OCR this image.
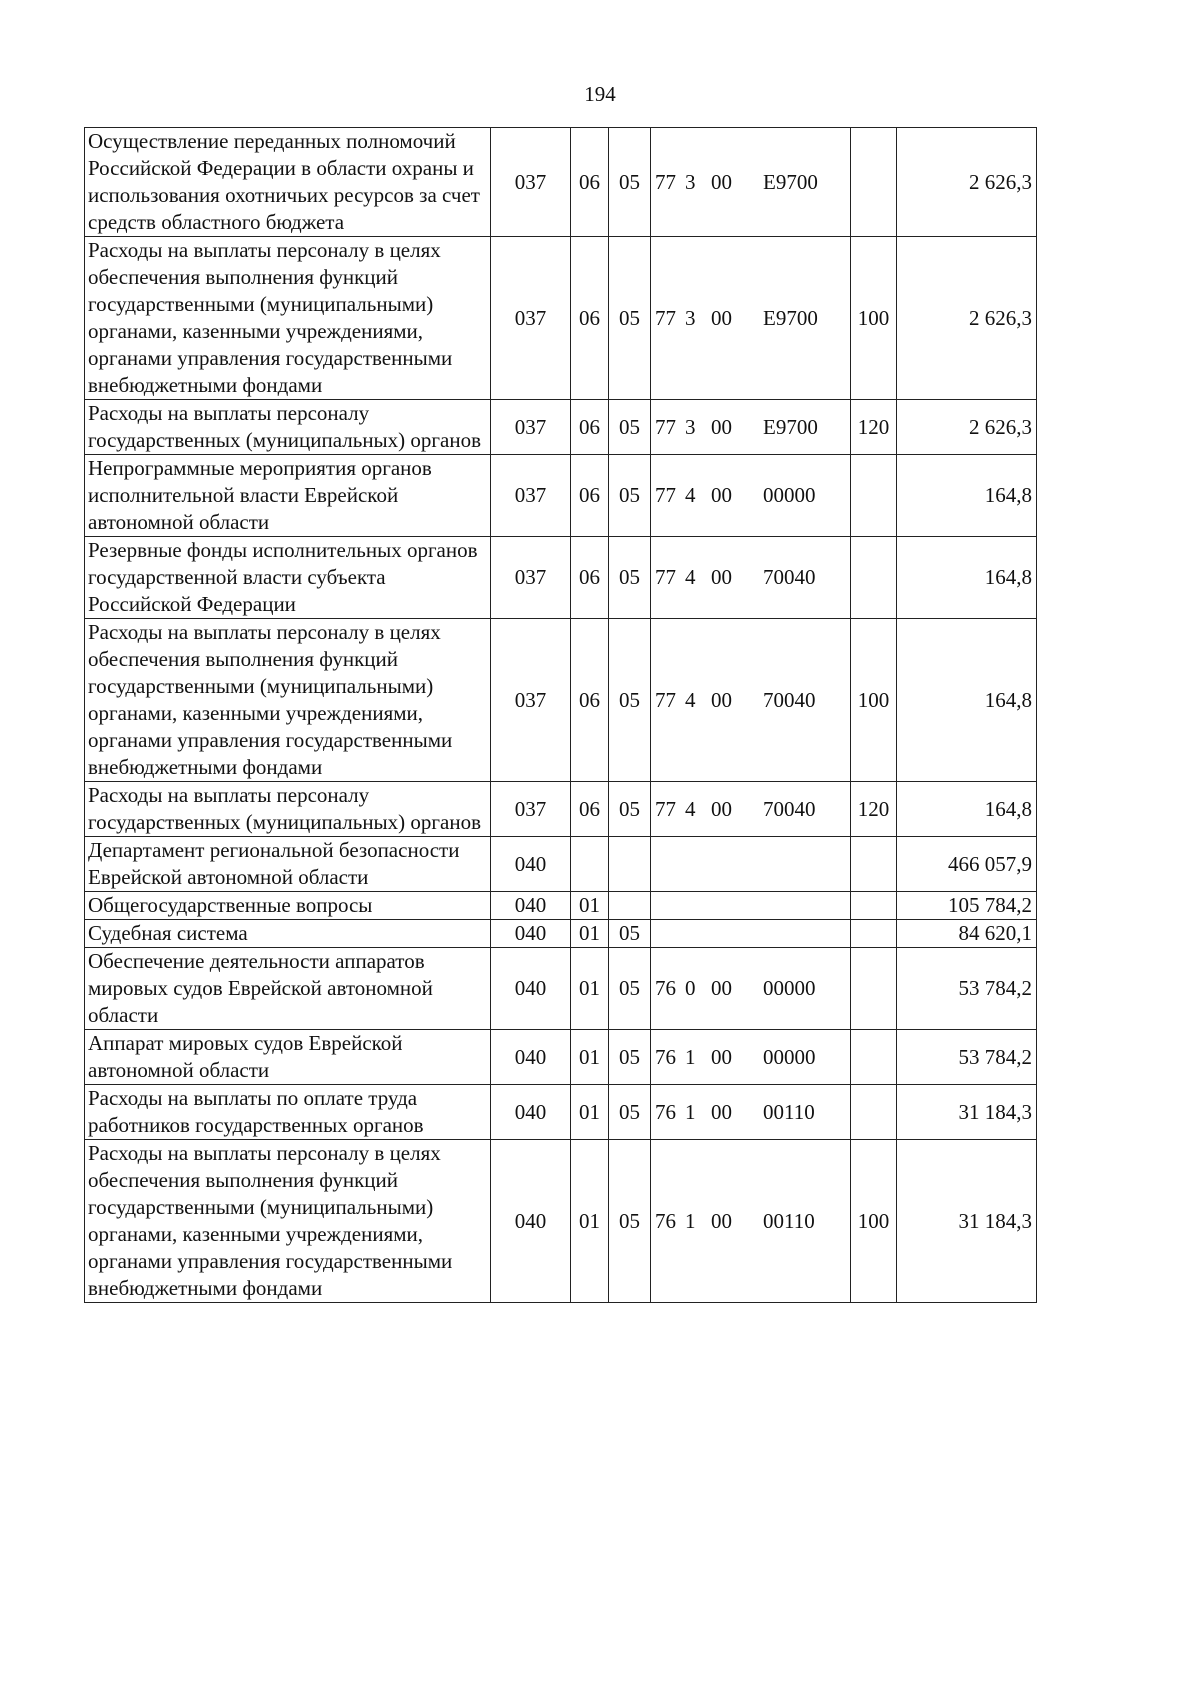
194
Осуществление переданных полномочий Российской Федерации в области охраны и использования охотничьих ресурсов за счет средств областного бюджета	037	06	05	77 3 00 Е9700		2 626,3
Расходы на выплаты персоналу в целях обеспечения выполнения функций государственными (муниципальными) органами, казенными учреждениями, органами управления государственными внебюджетными фондами	037	06	05	77 3 00 Е9700	100	2 626,3
Расходы на выплаты персоналу государственных (муниципальных) органов	037	06	05	77 3 00 Е9700	120	2 626,3
Непрограммные мероприятия органов исполнительной власти Еврейской автономной области	037	06	05	77 4 00 00000		164,8
Резервные фонды исполнительных органов государственной власти субъекта Российской Федерации	037	06	05	77 4 00 70040		164,8
Расходы на выплаты персоналу в целях обеспечения выполнения функций государственными (муниципальными) органами, казенными учреждениями, органами управления государственными внебюджетными фондами	037	06	05	77 4 00 70040	100	164,8
Расходы на выплаты персоналу государственных (муниципальных) органов	037	06	05	77 4 00 70040	120	164,8
Департамент региональной безопасности Еврейской автономной области	040					466 057,9
Общегосударственные вопросы	040	01				105 784,2
Судебная система	040	01	05			84 620,1
Обеспечение деятельности аппаратов мировых судов Еврейской автономной области	040	01	05	76 0 00 00000		53 784,2
Аппарат мировых судов Еврейской автономной области	040	01	05	76 1 00 00000		53 784,2
Расходы на выплаты по оплате труда работников государственных органов	040	01	05	76 1 00 00110		31 184,3
Расходы на выплаты персоналу в целях обеспечения выполнения функций государственными (муниципальными) органами, казенными учреждениями, органами управления государственными внебюджетными фондами	040	01	05	76 1 00 00110	100	31 184,3
